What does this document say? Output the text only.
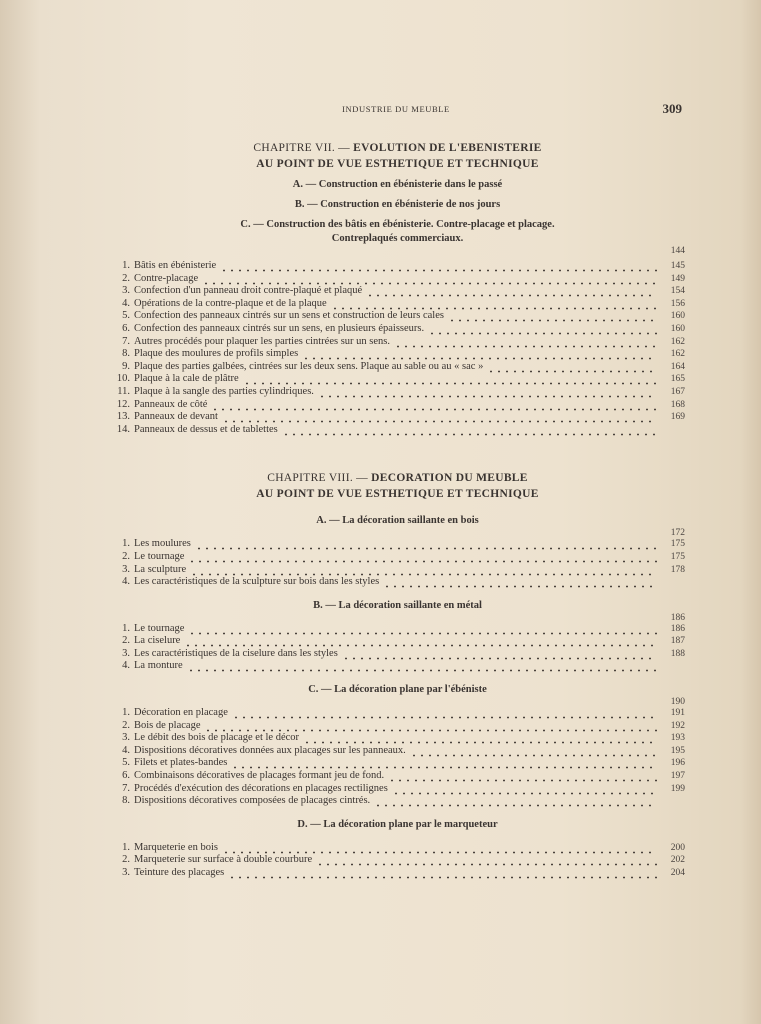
INDUSTRIE DU MEUBLE	309
CHAPITRE VII. — EVOLUTION DE L'EBENISTERIE
AU POINT DE VUE ESTHETIQUE ET TECHNIQUE
A. — Construction en ébénisterie dans le passé
B. — Construction en ébénisterie de nos jours
C. — Construction des bâtis en ébénisterie. Contre-placage et placage.
Contreplaqués commerciaux.
144
1. Bâtis en ébénisterie	145
2. Contre-placage	149
3. Confection d'un panneau droit contre-plaqué et plaqué	154
4. Opérations de la contre-plaque et de la plaque	156
5. Confection des panneaux cintrés sur un sens et construction de leurs cales	160
6. Confection des panneaux cintrés sur un sens, en plusieurs épaisseurs.	160
7. Autres procédés pour plaquer les parties cintrées sur un sens.	162
8. Plaque des moulures de profils simples	162
9. Plaque des parties galbées, cintrées sur les deux sens. Plaque au sable ou au « sac »	164
10. Plaque à la cale de plâtre	165
11. Plaque à la sangle des parties cylindriques.	167
12. Panneaux de côté	168
13. Panneaux de devant	169
14. Panneaux de dessus et de tablettes
CHAPITRE VIII. — DECORATION DU MEUBLE
AU POINT DE VUE ESTHETIQUE ET TECHNIQUE
A. — La décoration saillante en bois
172
1. Les moulures	175
2. Le tournage	175
3. La sculpture	178
4. Les caractéristiques de la sculpture sur bois dans les styles
B. — La décoration saillante en métal
186
1. Le tournage	186
2. La ciselure	187
3. Les caractéristiques de la ciselure dans les styles	188
4. La monture
C. — La décoration plane par l'ébéniste
190
1. Décoration en placage	191
2. Bois de placage	192
3. Le débit des bois de placage et le décor	193
4. Dispositions décoratives données aux placages sur les panneaux.	195
5. Filets et plates-bandes	196
6. Combinaisons décoratives de placages formant jeu de fond.	197
7. Procédés d'exécution des décorations en placages rectilignes	199
8. Dispositions décoratives composées de placages cintrés.
D. — La décoration plane par le marqueteur
1. Marqueterie en bois	200
2. Marqueterie sur surface à double courbure	202
3. Teinture des placages	204
